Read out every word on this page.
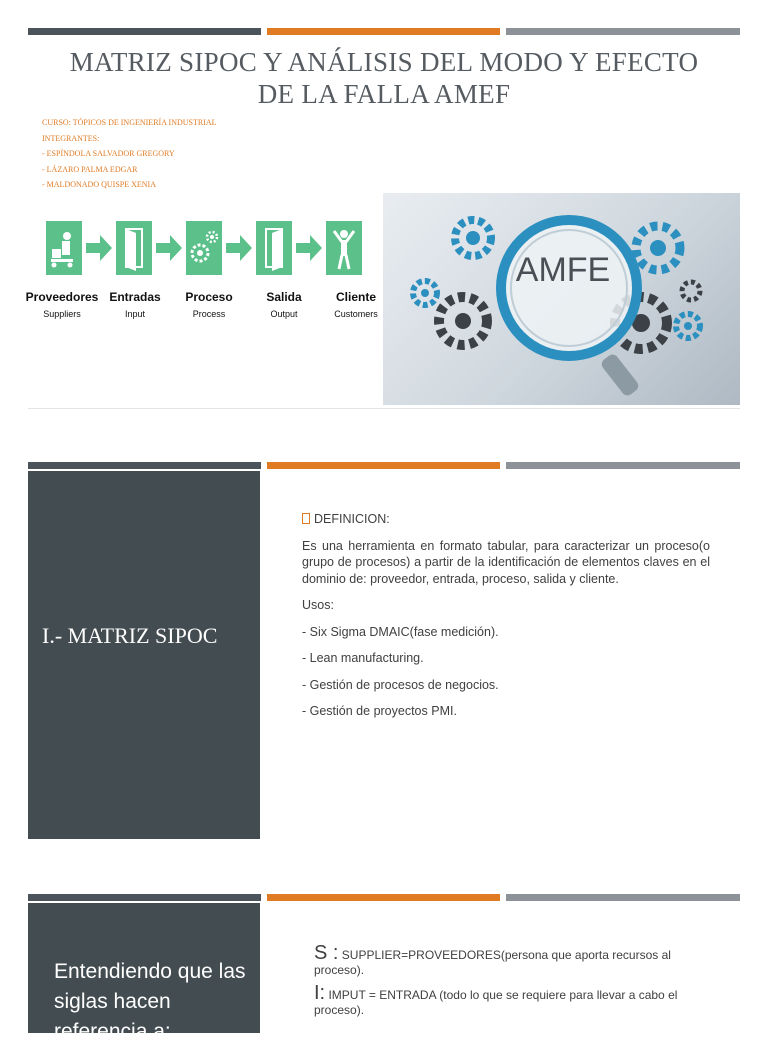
MATRIZ SIPOC Y ANÁLISIS DEL MODO Y EFECTO
DE LA FALLA AMEF
CURSO: TÓPICOS DE INGENIERÍA INDUSTRIAL
INTEGRANTES:
- ESPÍNDOLA SALVADOR GREGORY
- LÁZARO PALMA EDGAR
- MALDONADO QUISPE XENIA
Proveedores
Suppliers
Entradas
Input
Proceso
Process
Salida
Output
Cliente
Customers
AMFE
I.- MATRIZ SIPOC

DEFINICION:

Es una herramienta en formato tabular, para caracterizar un proceso(o grupo de procesos) a partir de la identificación de elementos claves en el dominio de: proveedor, entrada, proceso, salida y cliente.

Usos:

- Six Sigma DMAIC(fase medición).

- Lean manufacturing.

- Gestión de procesos de negocios.

- Gestión de proyectos PMI.

Entendiendo que las siglas hacen referencia a:

S : SUPPLIER=PROVEEDORES(persona que aporta recursos al proceso).

I: IMPUT = ENTRADA (todo lo que se requiere para llevar a cabo el proceso).
